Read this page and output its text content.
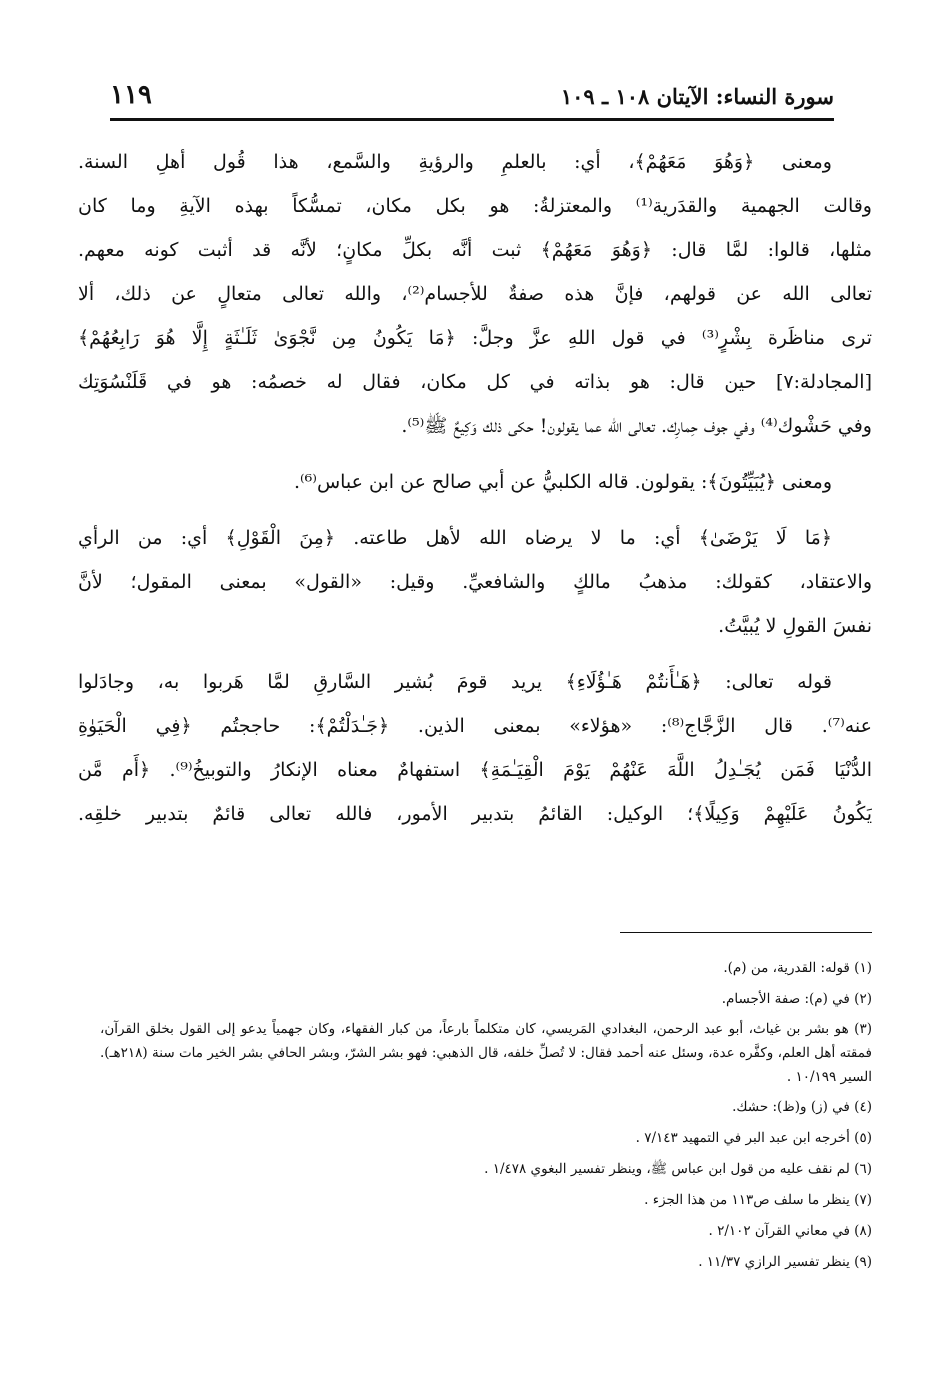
سورة النساء: الآيتان ١٠٨ ـ ١٠٩
١١٩
ومعنى ﴿وَهُوَ مَعَهُمْ﴾، أي: بالعلمِ والرؤيةِ والسَّمع، هذا قُول أهلِ السنة.
وقالت الجهمية والقدَرية⁽¹⁾ والمعتزلةُ: هو بكل مكان، تمسُّكاً بهذه الآيةِ وما كان
مثلها، قالوا: لمَّا قال: ﴿وَهُوَ مَعَهُمْ﴾ ثبت أنَّه بكلِّ مكانٍ؛ لأنَّه قد أثبت كونه معهم.
تعالى الله عن قولهم، فإنَّ هذه صفةٌ للأجسام⁽²⁾، والله تعالى متعالٍ عن ذلك، ألا
ترى مناظَرة بِشْرٍ⁽³⁾ في قول اللهِ عزَّ وجلَّ: ﴿مَا يَكُونُ مِن نَّجْوَىٰ ثَلَـٰثَةٍ إِلَّا هُوَ رَابِعُهُمْ﴾
[المجادلة:٧] حين قال: هو بذاته في كل مكان، فقال له خصمُه: هو في قَلَنْسُوَتِك
وفي حَشْوك⁽⁴⁾ وفي جوف حِمارِك. تعالى الله عما يقولون! حكى ذلك وَكِيعٌ ﷺ⁽⁵⁾.
ومعنى ﴿يُبَيِّتُونَ﴾: يقولون. قاله الكلبيُّ عن أبي صالح عن ابن عباس⁽⁶⁾.
﴿مَا لَا يَرْضَىٰ﴾ أي: ما لا يرضاه الله لأهل طاعته. ﴿مِنَ الْقَوْلِ﴾ أي: من الرأي
والاعتقاد، كقولك: مذهبُ مالكٍ والشافعيِّ. وقيل: «القول» بمعنى المقول؛ لأنَّ
نفسَ القولِ لا يُبيَّتُ.
قوله تعالى: ﴿هَـٰأَنتُمْ هَـٰؤُلَاءِ﴾ يريد قومَ بُشير السَّارقِ لمَّا هَربوا به، وجادَلوا
عنه⁽⁷⁾. قال الزَّجَّاج⁽⁸⁾: «هؤلاء» بمعنى الذين. ﴿جَـٰدَلْتُمْ﴾: حاججتُم ﴿فِي الْحَيَوٰةِ
الدُّنْيَا فَمَن يُجَـٰدِلُ اللَّهَ عَنْهُمْ يَوْمَ الْقِيَـٰمَةِ﴾ استفهامٌ معناه الإنكارُ والتوبيخُ⁽⁹⁾. ﴿أَم مَّن
يَكُونُ عَلَيْهِمْ وَكِيلًا﴾؛ الوكيل: القائمُ بتدبير الأمور، فالله تعالى قائمٌ بتدبير خلقِه.
(١) قوله: القدرية، من (م).
(٢) في (م): صفة الأجسام.
(٣) هو بشر بن غياث، أبو عبد الرحمن، البغدادي المَريسي، كان متكلماً بارعاً، من كبار الفقهاء، وكان جهمياً يدعو إلى القول بخلق القرآن، فمقته أهل العلم، وكفَّره عدة، وسئل عنه أحمد فقال: لا تُصلِّ خلفه، قال الذهبي: فهو بشر الشرّ، وبشر الحافي بشر الخير مات سنة (٢١٨هـ). السير ١٠/١٩٩ .
(٤) في (ز) و(ظ): حشك.
(٥) أخرجه ابن عبد البر في التمهيد ٧/١٤٣ .
(٦) لم نقف عليه من قول ابن عباس ﷺ، وينظر تفسير البغوي ١/٤٧٨ .
(٧) ينظر ما سلف ص١١٣ من هذا الجزء .
(٨) في معاني القرآن ٢/١٠٢ .
(٩) ينظر تفسير الرازي ١١/٣٧ .
